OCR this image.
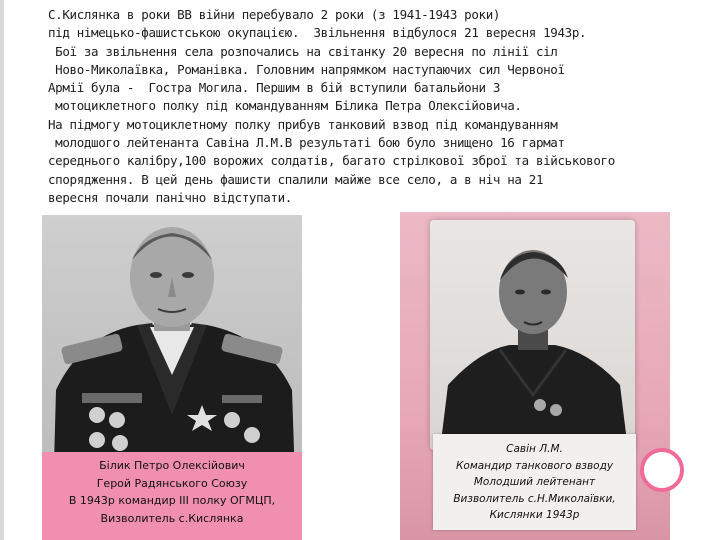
С.Кислянка в роки ВВ війни перебувало 2 роки (з 1941-1943 роки)
під німецько-фашистською окупацією.  Звільнення відбулося 21 вересня 1943р.
Бої за звільнення села розпочались на світанку 20 вересня по лінії сіл
Ново-Миколаївка, Романівка. Головним напрямком наступаючих сил Червоної
Армії була -  Гостра Могила. Першим в бій вступили батальйони 3
мотоциклетного полку під командуванням Білика Петра Олексійовича.
На підмогу мотоциклетному полку прибув танковий взвод під командуванням
молодшого лейтенанта Савіна Л.М.В результаті бою було знищено 16 гармат
середнього калібру,100 ворожих солдатів, багато стрілкової зброї та військового
спорядження. В цей день фашисти спалили майже все село, а в ніч на 21
вересня почали панічно відступати.
Білик Петро Олексійович
Герой Радянського Союзу
В 1943р командир III полку ОГМЦП,
Визволитель с.Кислянка
Савін Л.М.
Командир танкового взводу
Молодший лейтенант
Визволитель с.Н.Миколаївки,
Кислянки 1943р
